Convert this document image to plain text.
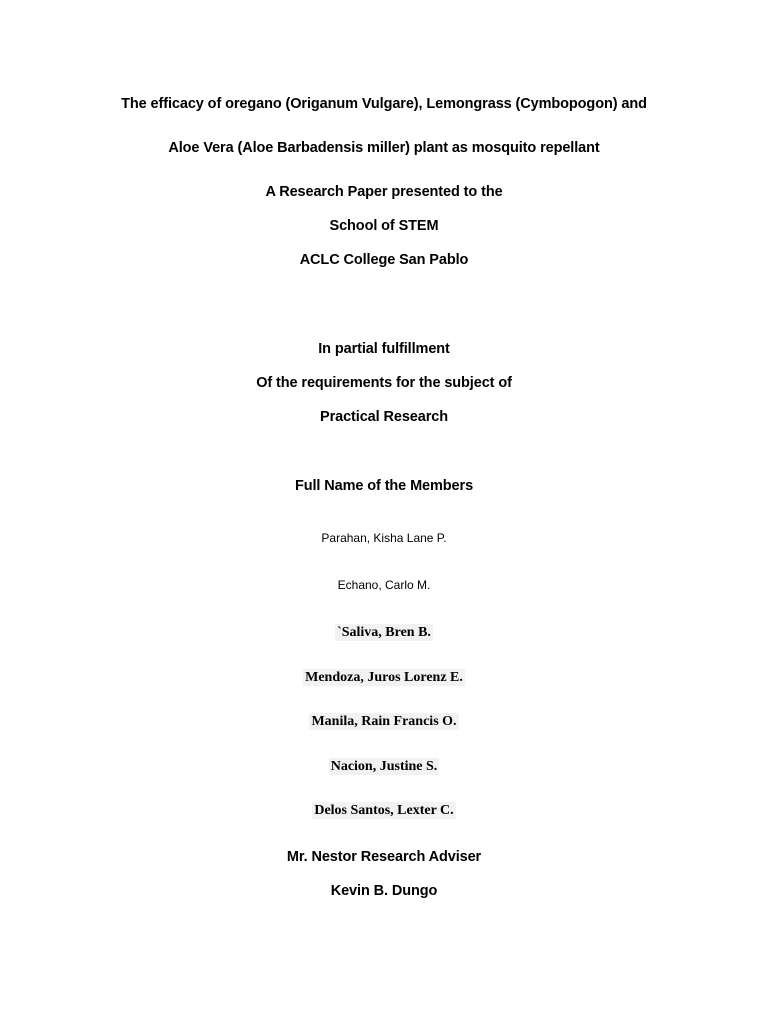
The efficacy of oregano (Origanum Vulgare), Lemongrass (Cymbopogon) and
Aloe Vera (Aloe Barbadensis miller) plant as mosquito repellant
A Research Paper presented to the
School of STEM
ACLC College San Pablo
In partial fulfillment
Of the requirements for the subject of
Practical Research
Full Name of the Members
Parahan, Kisha Lane P.
Echano, Carlo M.
`Saliva, Bren B.
Mendoza, Juros Lorenz E.
Manila, Rain Francis O.
Nacion, Justine S.
Delos Santos, Lexter C.
Mr. Nestor Research Adviser
Kevin B. Dungo
